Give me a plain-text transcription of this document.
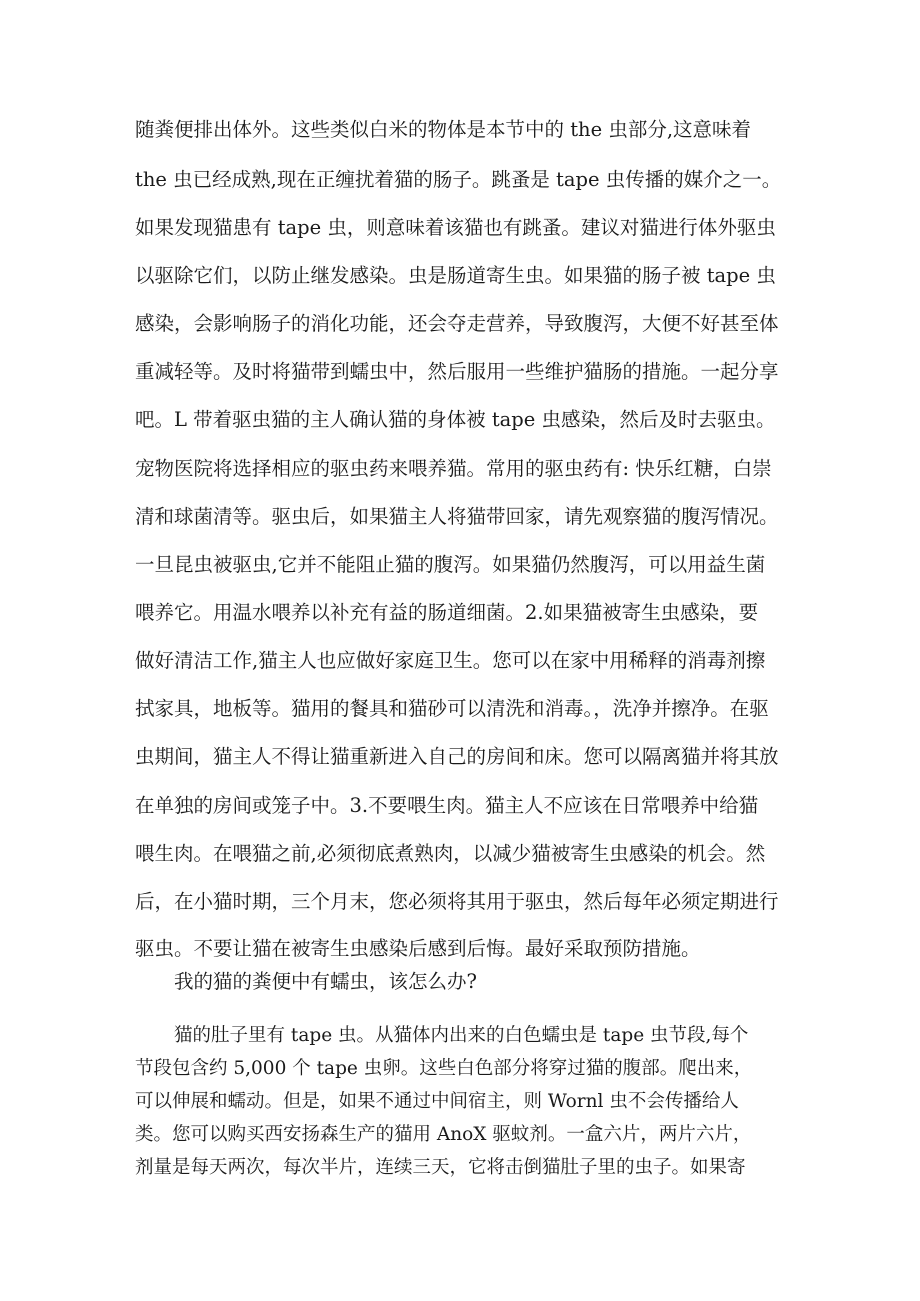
随粪便排出体外。这些类似白米的物体是本节中的 the 虫部分,这意味着
the 虫已经成熟,现在正缠扰着猫的肠子。跳蚤是 tape 虫传播的媒介之一。
如果发现猫患有 tape 虫，则意味着该猫也有跳蚤。建议对猫进行体外驱虫
以驱除它们，以防止继发感染。虫是肠道寄生虫。如果猫的肠子被 tape 虫
感染，会影响肠子的消化功能，还会夺走营养，导致腹泻，大便不好甚至体
重减轻等。及时将猫带到蠕虫中，然后服用一些维护猫肠的措施。一起分享
吧。L 带着驱虫猫的主人确认猫的身体被 tape 虫感染，然后及时去驱虫。
宠物医院将选择相应的驱虫药来喂养猫。常用的驱虫药有: 快乐红糖，白崇
清和球菌清等。驱虫后，如果猫主人将猫带回家，请先观察猫的腹泻情况。
一旦昆虫被驱虫,它并不能阻止猫的腹泻。如果猫仍然腹泻，可以用益生菌
喂养它。用温水喂养以补充有益的肠道细菌。2.如果猫被寄生虫感染，要
做好清洁工作,猫主人也应做好家庭卫生。您可以在家中用稀释的消毒剂擦
拭家具，地板等。猫用的餐具和猫砂可以清洗和消毒。，洗净并擦净。在驱
虫期间，猫主人不得让猫重新进入自己的房间和床。您可以隔离猫并将其放
在单独的房间或笼子中。3.不要喂生肉。猫主人不应该在日常喂养中给猫
喂生肉。在喂猫之前,必须彻底煮熟肉，以减少猫被寄生虫感染的机会。然
后，在小猫时期，三个月末，您必须将其用于驱虫，然后每年必须定期进行
驱虫。不要让猫在被寄生虫感染后感到后悔。最好采取预防措施。
我的猫的粪便中有蠕虫，该怎么办?
猫的肚子里有 tape 虫。从猫体内出来的白色蠕虫是 tape 虫节段,每个
节段包含约 5,000 个 tape 虫卵。这些白色部分将穿过猫的腹部。爬出来，
可以伸展和蠕动。但是，如果不通过中间宿主，则 Wornl 虫不会传播给人
类。您可以购买西安扬森生产的猫用 AnoX 驱蚊剂。一盒六片，两片六片，
剂量是每天两次，每次半片，连续三天，它将击倒猫肚子里的虫子。如果寄
